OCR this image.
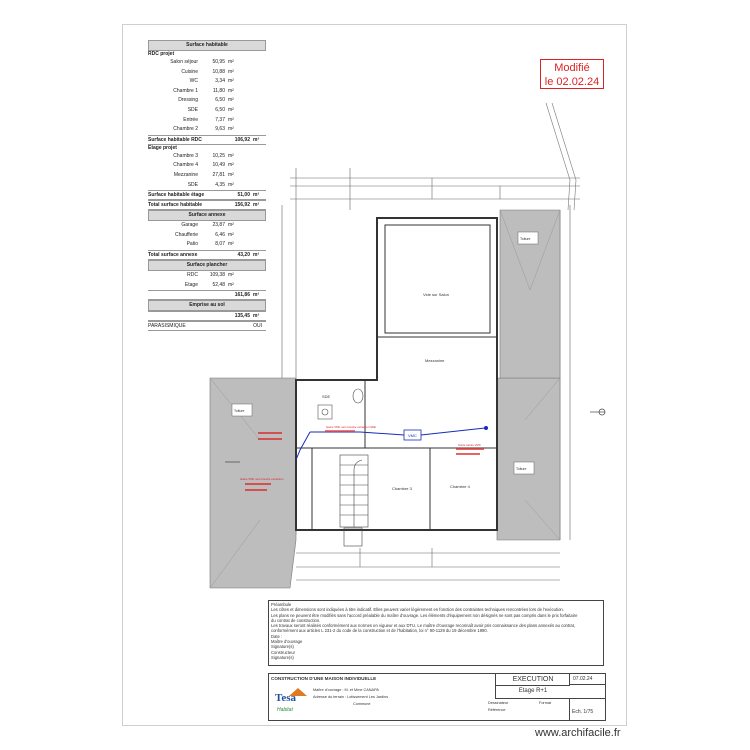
Vide sur Salon
Mezzanine
Chambre 3	Chambre 4
SDE
VMC
Toiture
Toiture
Toiture
Gaine VMC vers bouche extraction SDE
Sortie toiture VMC
Gaine VMC vers bouche extraction
Surface habitable
RDC projet
Salon séjour	50,95 m²
Cuisine	10,88 m²
WC	3,34 m²
Chambre 1	11,80 m²
Dressing	6,50 m²
SDE	6,50 m²
Entrée	7,37 m²
Chambre 2	9,63 m²
Surface habitable RDC	106,92 m²
Etage projet
Chambre 3	10,25 m²
Chambre 4	10,49 m²
Mezzanine	27,81 m²
SDE	4,35 m²
Surface habitable étage	51,00 m²
Total surface habitable	156,92 m²
Surface annexe
Garage	23,87 m²
Chaufferie	6,46 m²
Patio	8,07 m²
Total surface annexe	43,20 m²
Surface plancher
RDC	109,38 m²
Etage	52,48 m²
161,86 m²
Emprise au sol
135,45 m²
PARASISMIQUE	OUI
Modifié
le 02.02.24
Préambule
Les côtes et dimensions sont indiquées à titre indicatif. Elles peuvent varier légèrement en fonction des contraintes techniques rencontrées lors de l'exécution.
Les plans ne peuvent être modifiés sans l'accord préalable du maître d'ouvrage. Les éléments d'équipement non désignés ne sont pas compris dans le prix forfaitaire
du contrat de construction.
Les travaux seront réalisés conformément aux normes en vigueur et aux DTU. Le maître d'ouvrage reconnaît avoir pris connaissance des plans annexés au contrat,
conformément aux articles L 231-2 du code de la construction et de l'habitation, loi n° 90-1129 du 19 décembre 1990.
Date :
Maître d'ouvrage
Signature(s)
Constructeur
Signature(s)
CONSTRUCTION D'UNE MAISON INDIVIDUELLE
Maître d'ouvrage : M. et Mme CANAPA
Adresse du terrain : Lotissement Les Jardins
Commune
Tesa
Habitat
EXECUTION	07.02.24
Etage R+1
Dessinateur
Référence
Format
Ech. 1/75
www.archifacile.fr
